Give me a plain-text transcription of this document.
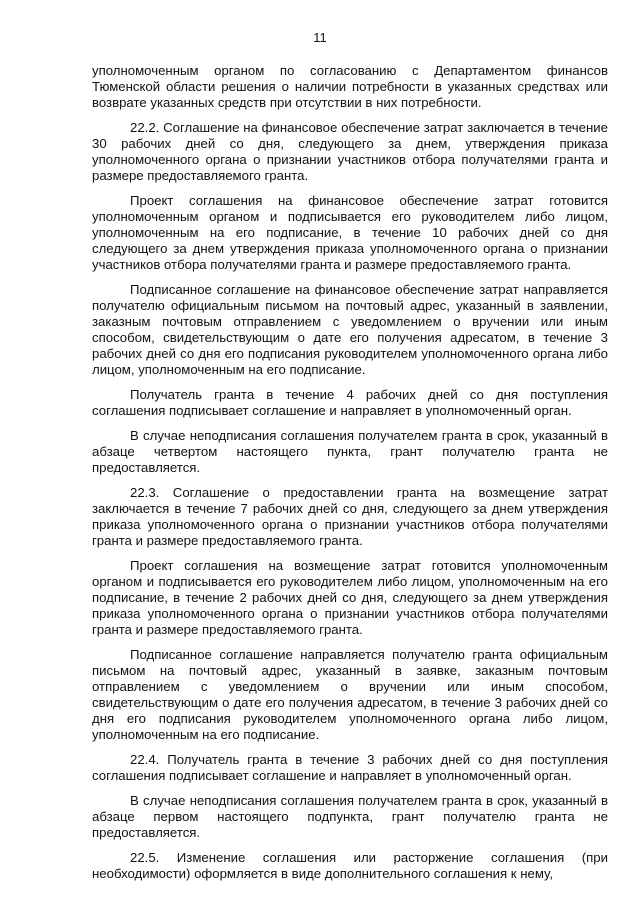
11

уполномоченным органом по согласованию с Департаментом финансов Тюменской области решения о наличии потребности в указанных средствах или возврате указанных средств при отсутствии в них потребности.

22.2. Соглашение на финансовое обеспечение затрат заключается в течение 30 рабочих дней со дня, следующего за днем, утверждения приказа уполномоченного органа о признании участников отбора получателями гранта и размере предоставляемого гранта.

Проект соглашения на финансовое обеспечение затрат готовится уполномоченным органом и подписывается его руководителем либо лицом, уполномоченным на его подписание, в течение 10 рабочих дней со дня следующего за днем утверждения приказа уполномоченного органа о признании участников отбора получателями гранта и размере предоставляемого гранта.

Подписанное соглашение на финансовое обеспечение затрат направляется получателю официальным письмом на почтовый адрес, указанный в заявлении, заказным почтовым отправлением с уведомлением о вручении или иным способом, свидетельствующим о дате его получения адресатом, в течение 3 рабочих дней со дня его подписания руководителем уполномоченного органа либо лицом, уполномоченным на его подписание.

Получатель гранта в течение 4 рабочих дней со дня поступления соглашения подписывает соглашение и направляет в уполномоченный орган.

В случае неподписания соглашения получателем гранта в срок, указанный в абзаце четвертом настоящего пункта, грант получателю гранта не предоставляется.

22.3. Соглашение о предоставлении гранта на возмещение затрат заключается в течение 7 рабочих дней со дня, следующего за днем утверждения приказа уполномоченного органа о признании участников отбора получателями гранта и размере предоставляемого гранта.

Проект соглашения на возмещение затрат готовится уполномоченным органом и подписывается его руководителем либо лицом, уполномоченным на его подписание, в течение 2 рабочих дней со дня, следующего за днем утверждения приказа уполномоченного органа о признании участников отбора получателями гранта и размере предоставляемого гранта.

Подписанное соглашение направляется получателю гранта официальным письмом на почтовый адрес, указанный в заявке, заказным почтовым отправлением с уведомлением о вручении или иным способом, свидетельствующим о дате его получения адресатом, в течение 3 рабочих дней со дня его подписания руководителем уполномоченного органа либо лицом, уполномоченным на его подписание.

22.4. Получатель гранта в течение 3 рабочих дней со дня поступления соглашения подписывает соглашение и направляет в уполномоченный орган.

В случае неподписания соглашения получателем гранта в срок, указанный в абзаце первом настоящего подпункта, грант получателю гранта не предоставляется.

22.5. Изменение соглашения или расторжение соглашения (при необходимости) оформляется в виде дополнительного соглашения к нему,
